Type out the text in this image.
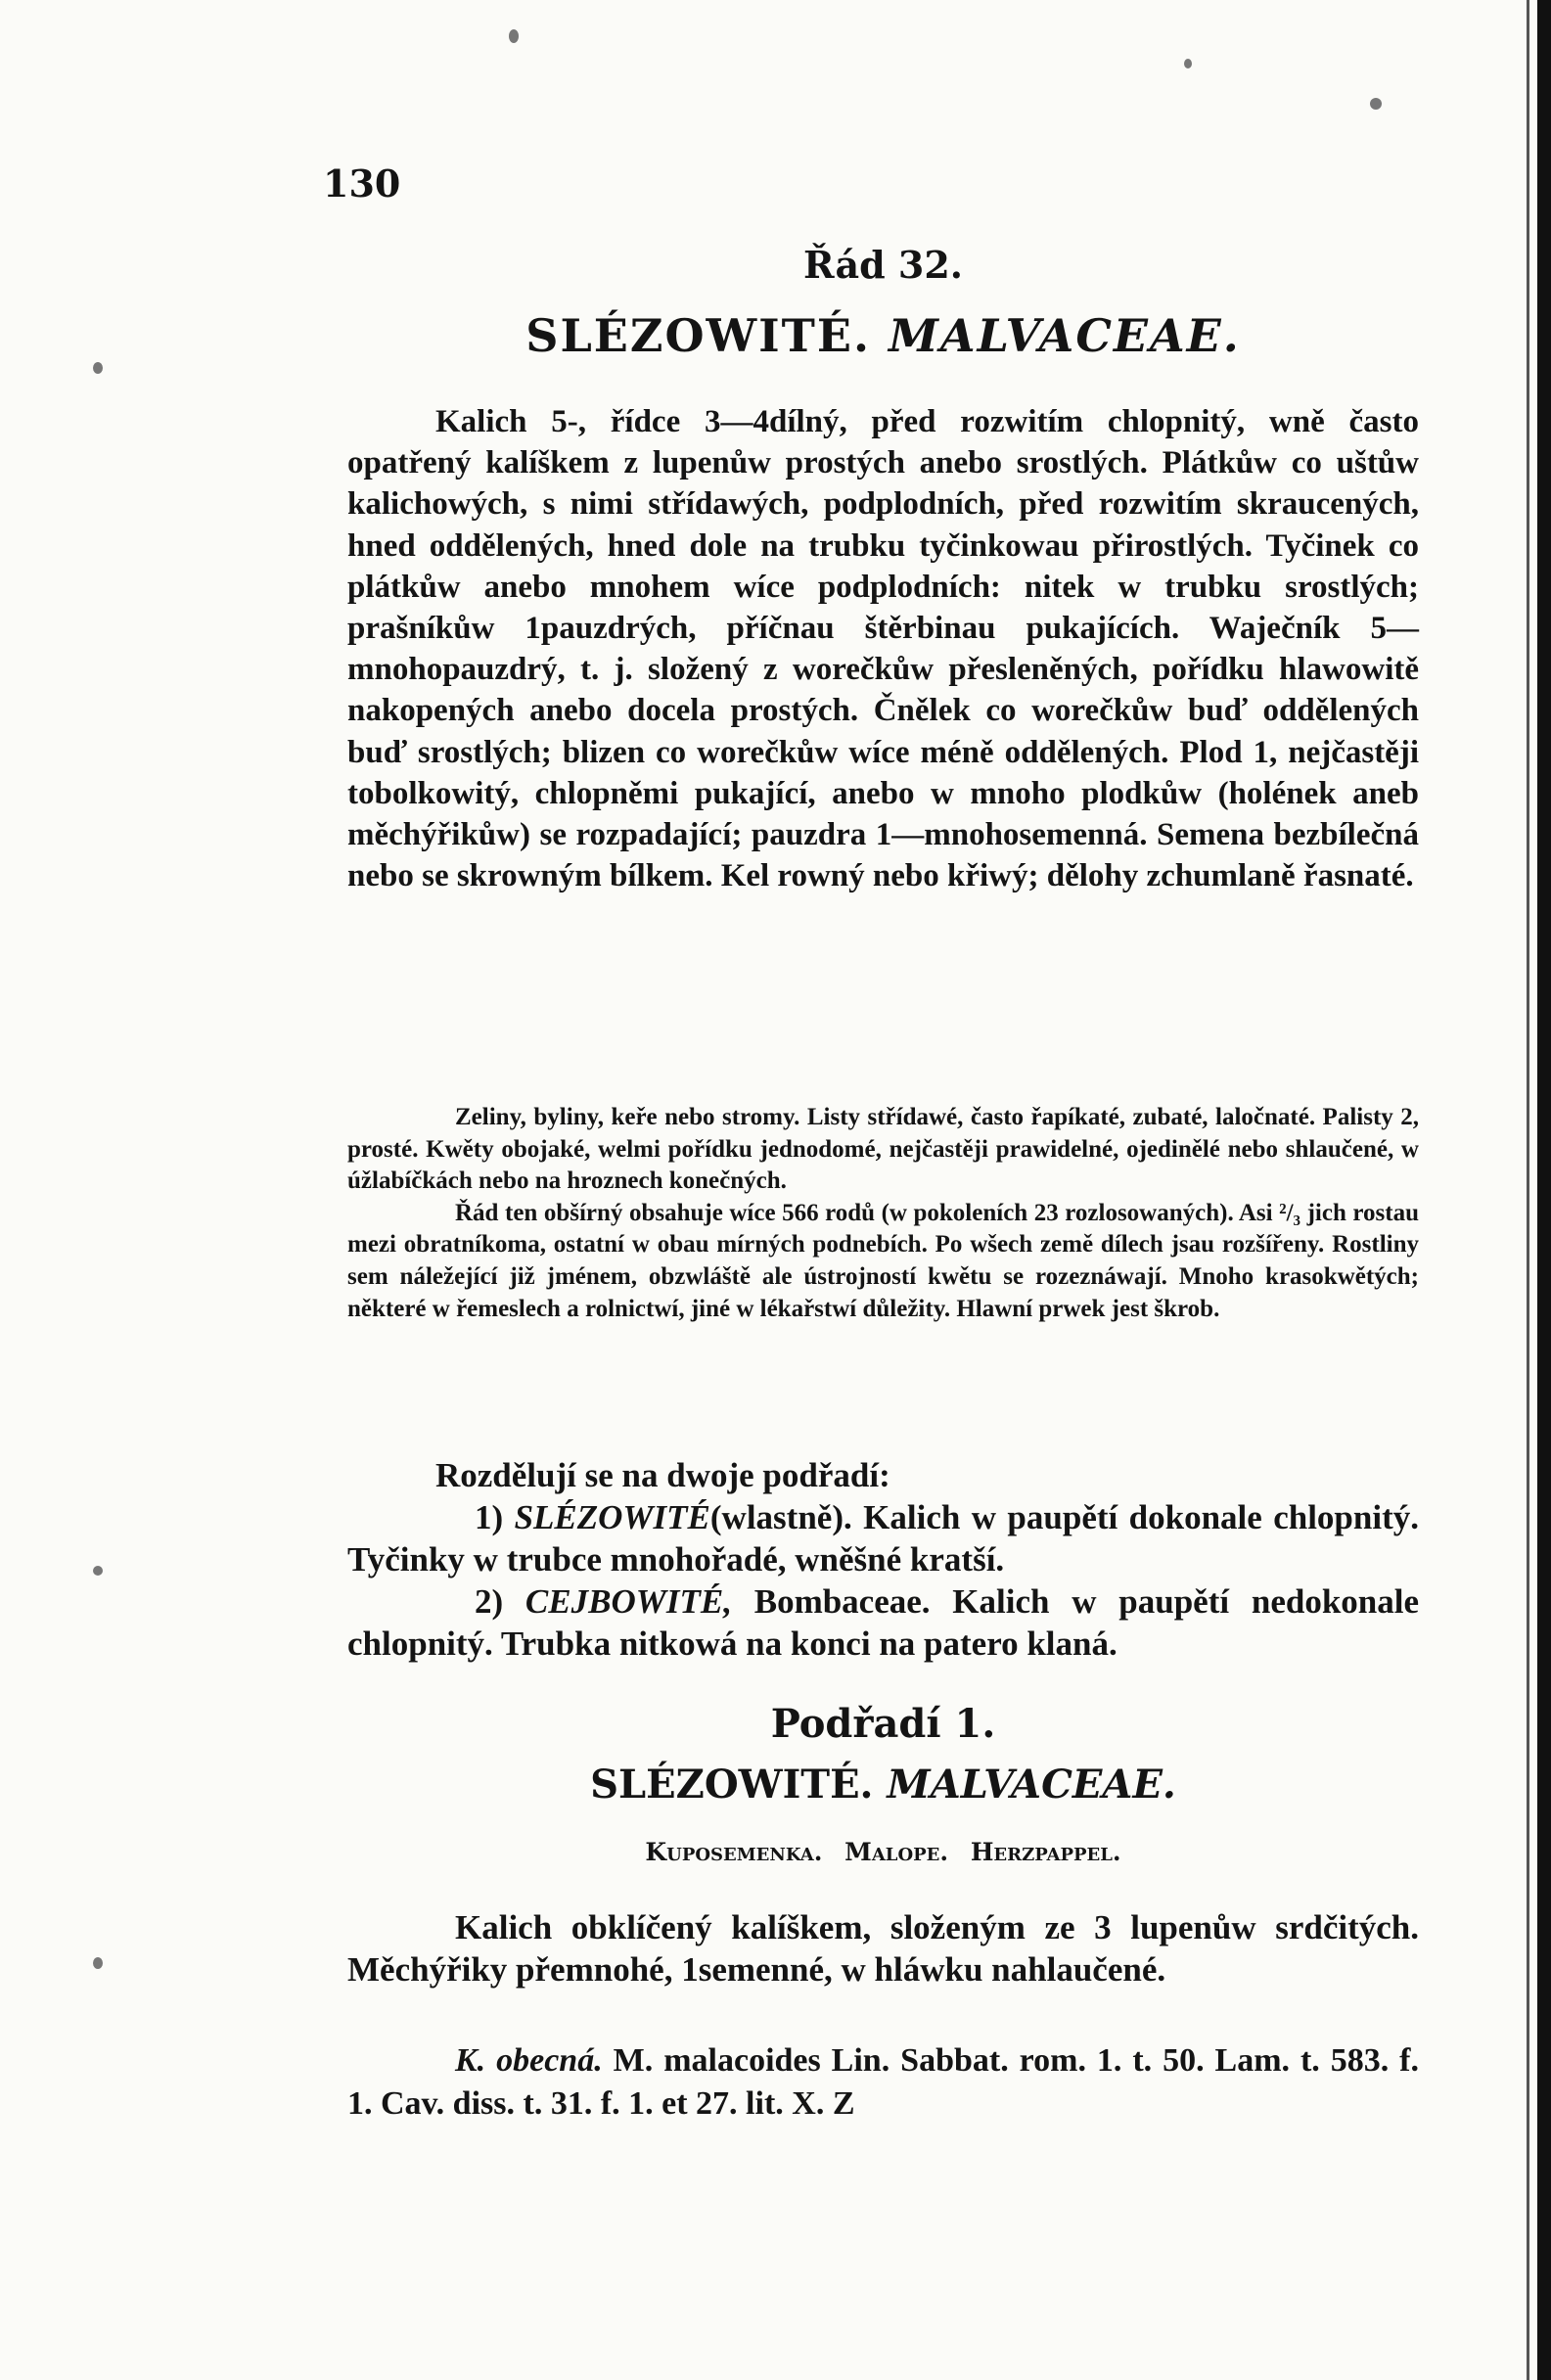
130
Řád 32.
SLÉZOWITÉ. MALVACEAE.
Kalich 5-, řídce 3—4dílný, před rozwitím chlopnitý, wně často opatřený kalíškem z lupenůw prostých anebo srostlých. Plátkůw co uštůw kalichowých, s nimi střídawých, podplodních, před rozwitím skraucených, hned oddělených, hned dole na trubku tyčinkowau přirostlých. Tyčinek co plátkůw anebo mnohem wíce podplodních: nitek w trubku srostlých; prašníkůw 1pauzdrých, příčnau štěrbinau pukajících. Waječník 5—mnohopauzdrý, t. j. složený z worečkůw přesleněných, pořídku hlawowitě nakopených anebo docela prostých. Čnělek co worečkůw buď oddělených buď srostlých; blizen co worečkůw wíce méně oddělených. Plod 1, nejčastěji tobolkowitý, chlopněmi pukající, anebo w mnoho plodkůw (holének aneb měchýřikůw) se rozpadající; pauzdra 1—mnohosemenná. Semena bezbílečná nebo se skrowným bílkem. Kel rowný nebo křiwý; dělohy zchumlaně řasnaté.

Zeliny, byliny, keře nebo stromy. Listy střídawé, často řapíkaté, zubaté, laločnaté. Palisty 2, prosté. Kwěty obojaké, welmi pořídku jednodomé, nejčastěji prawidelné, ojedinělé nebo shlaučené, w úžlabíčkách nebo na hroznech konečných.

Řád ten obšírný obsahuje wíce 566 rodů (w pokoleních 23 rozlosowaných). Asi ²/₃ jich rostau mezi obratníkoma, ostatní w obau mírných podnebích. Po wšech země dílech jsau rozšířeny. Rostliny sem náležející již jménem, obzwláště ale ústrojností kwětu se rozeznáwají. Mnoho krasokwětých; některé w řemeslech a rolnictwí, jiné w lékařstwí důležity. Hlawní prwek jest škrob.

Rozdělují se na dwoje podřadí:

1) SLÉZOWITÉ(wlastně). Kalich w paupětí dokonale chlopnitý. Tyčinky w trubce mnohořadé, wněšné kratší.

2) CEJBOWITÉ, Bombaceae. Kalich w paupětí nedokonale chlopnitý. Trubka nitkowá na konci na patero klaná.

Podřadí 1.
SLÉZOWITÉ. MALVACEAE.
Kuposemenka. Malope. Herzpappel.
Kalich obklíčený kalíškem, složeným ze 3 lupenůw srdčitých. Měchýřiky přemnohé, 1semenné, w hláwku nahlaučené.
K. obecná. M. malacoides Lin. Sabbat. rom. 1. t. 50. Lam. t. 583. f. 1. Cav. diss. t. 31. f. 1. et 27. lit. X. Z
